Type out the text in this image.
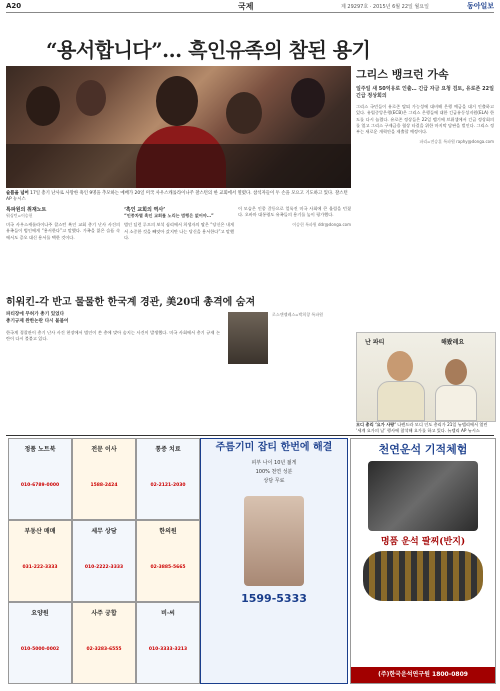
A20	국제	제 29297호 · 2015년 6월 22일 월요일	동아일보
“용서합니다”… 흑인유족의 참된 용기
슬픔을 넘어 17일 총기 난사로 사망한 흑인 9명을 추모하는 예배가 20일 미국 사우스캐롤라이나주 찰스턴의 한 교회에서 열렸다. 참석자들이 두 손을 모으고 기도하고 있다. 찰스턴 AP 뉴시스
특파원의 취재노트
워싱턴=이승헌

미국 사우스캐롤라이나주 찰스턴 흑인 교회 총기 난사 사건의 유족들이 범인에게 “용서한다”고 말했다. 가족을 잃은 슬픔 속에서도 증오 대신 용서를 택한 것이다.

‘흑인 교회의 역사’
“인종차별 흑인 교회를 노리는 범행은 없어야…”

범인 딜런 루프의 보석 심리에서 희생자의 딸은 “당신은 내게서 소중한 것을 빼앗아 갔지만 나는 당신을 용서한다”고 말했다.

이 모습은 인종 갈등으로 얼룩진 미국 사회에 큰 울림을 던졌다. 오바마 대통령도 유족들의 용기를 높이 평가했다.

이승헌 특파원 ddr@donga.com
그리스 뱅크런 가속
일주일 새 50억유로 인출… 긴급 자금 요청 검토, 유로존 22일 긴급 정상회의

그리스 국민들이 유로존 탈퇴 가능성에 대비해 은행 예금을 대거 인출하고 있다. 유럽중앙은행(ECB)은 그리스 은행들에 대한 긴급유동성지원(ELA) 한도를 다시 늘렸다. 유로존 정상들은 22일 벨기에 브뤼셀에서 긴급 정상회의를 열고 그리스 구제금융 협상 타결을 위한 마지막 담판을 벌인다. 그리스 정부는 새로운 개혁안을 제출할 예정이다.

파리=전승훈 특파원 raphy@donga.com
난 파티	해봤레요
모디 총리 ‘요가 사랑’ 나렌드라 모디 인도 총리가 21일 뉴델리에서 열린 ‘세계 요가의 날’ 행사에 참석해 요가를 하고 있다. 뉴델리 AP 뉴시스
히워킨-각 반고 물물한 한국계 경관, 美20대 총격에 숨져
파티장에 무허가 총기 있었다
총기규제 완한논란 다시 불붙어

한국계 경찰관이 총기 난사 사건 현장에서 범인이 쏜 총에 맞아 숨지는 사건이 발생했다. 미국 사회에서 총기 규제 논란이 다시 불붙고 있다.

로스앤젤레스=박희창 특파원
정품 노트북
010-6789-0000
전문 이사
1588-2424
통증 치료
02-2121-2030
부동산 매매
031-222-3333
세무 상담
010-2222-3333
한의원
02-3885-5665
요양원
010-5000-0002
사주 궁합
02-3283-6555
비·씨
010-3333-3213
주름기미 잡티 한번에 해결
피부 나이 10년 젊게
100% 천연 성분
상담 무료
1599-5333
천연운석 기적체험
명품 운석 팔찌(반지)
(주)한국운석연구원 1800-0809
